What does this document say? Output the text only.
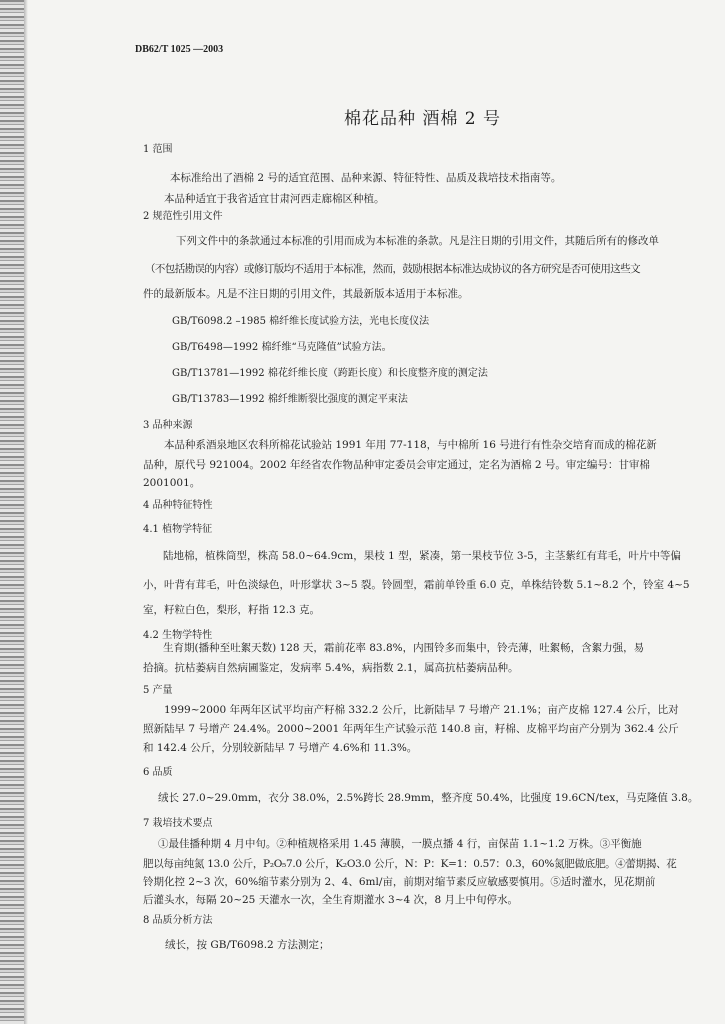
DB62/T 1025 —2003
棉花品种 酒棉 2 号
1 范围
本标准给出了酒棉 2 号的适宜范围、品种来源、特征特性、品质及栽培技术指南等。
本品种适宜于我省适宜甘肃河西走廊棉区种植。
2 规范性引用文件
下列文件中的条款通过本标准的引用而成为本标准的条款。凡是注日期的引用文件，其随后所有的修改单
（不包括勘误的内容）或修订版均不适用于本标准，然而，鼓励根据本标准达成协议的各方研究是否可使用这些文
件的最新版本。凡是不注日期的引用文件，其最新版本适用于本标准。
GB/T6098.2 –1985 棉纤维长度试验方法，光电长度仪法
GB/T6498—1992 棉纤维“马克隆值”试验方法。
GB/T13781—1992 棉花纤维长度（跨距长度）和长度整齐度的测定法
GB/T13783—1992 棉纤维断裂比强度的测定平束法
3 品种来源
本品种系酒泉地区农科所棉花试验站 1991 年用 77-118，与中棉所 16 号进行有性杂交培育而成的棉花新
品种，原代号 921004。2002 年经省农作物品种审定委员会审定通过，定名为酒棉 2 号。审定编号：甘审棉
2001001。
4 品种特征特性
4.1 植物学特征
陆地棉，植株筒型，株高 58.0~64.9cm，果枝 1 型，紧凑，第一果枝节位 3-5，主茎紫红有茸毛，叶片中等偏
小，叶背有茸毛，叶色淡绿色，叶形掌状 3~5 裂。铃圆型，霜前单铃重 6.0 克，单株结铃数 5.1~8.2 个，铃室 4~5
室，籽粒白色，梨形，籽指 12.3 克。
4.2 生物学特性
生育期(播种至吐絮天数) 128 天，霜前花率 83.8%，内围铃多而集中，铃壳薄，吐絮畅，含絮力强，易
拾摘。抗枯萎病自然病圃鉴定，发病率 5.4%，病指数 2.1，属高抗枯萎病品种。
5 产量
1999~2000 年两年区试平均亩产籽棉 332.2 公斤，比新陆早 7 号增产 21.1%；亩产皮棉 127.4 公斤，比对
照新陆早 7 号增产 24.4%。2000~2001 年两年生产试验示范 140.8 亩，籽棉、皮棉平均亩产分别为 362.4 公斤
和 142.4 公斤，分别较新陆早 7 号增产 4.6%和 11.3%。
6 品质
绒长 27.0~29.0mm，衣分 38.0%，2.5%跨长 28.9mm，整齐度 50.4%，比强度 19.6CN/tex，马克隆值 3.8。
7 栽培技术要点
①最佳播种期 4 月中旬。②种植规格采用 1.45 薄膜，一膜点播 4 行，亩保苗 1.1~1.2 万株。③平衡施
肥以每亩纯氮 13.0 公斤，P₂O₅7.0 公斤，K₂O3.0 公斤，N：P：K=1：0.57：0.3，60%氮肥做底肥。④蕾期揭、花
铃期化控 2~3 次，60%缩节素分别为 2、4、6ml/亩，前期对缩节素反应敏感要慎用。⑤适时灌水，见花期前
后灌头水，每隔 20~25 天灌水一次，全生育期灌水 3~4 次，8 月上中旬停水。
8 品质分析方法
绒长，按 GB/T6098.2 方法测定；
